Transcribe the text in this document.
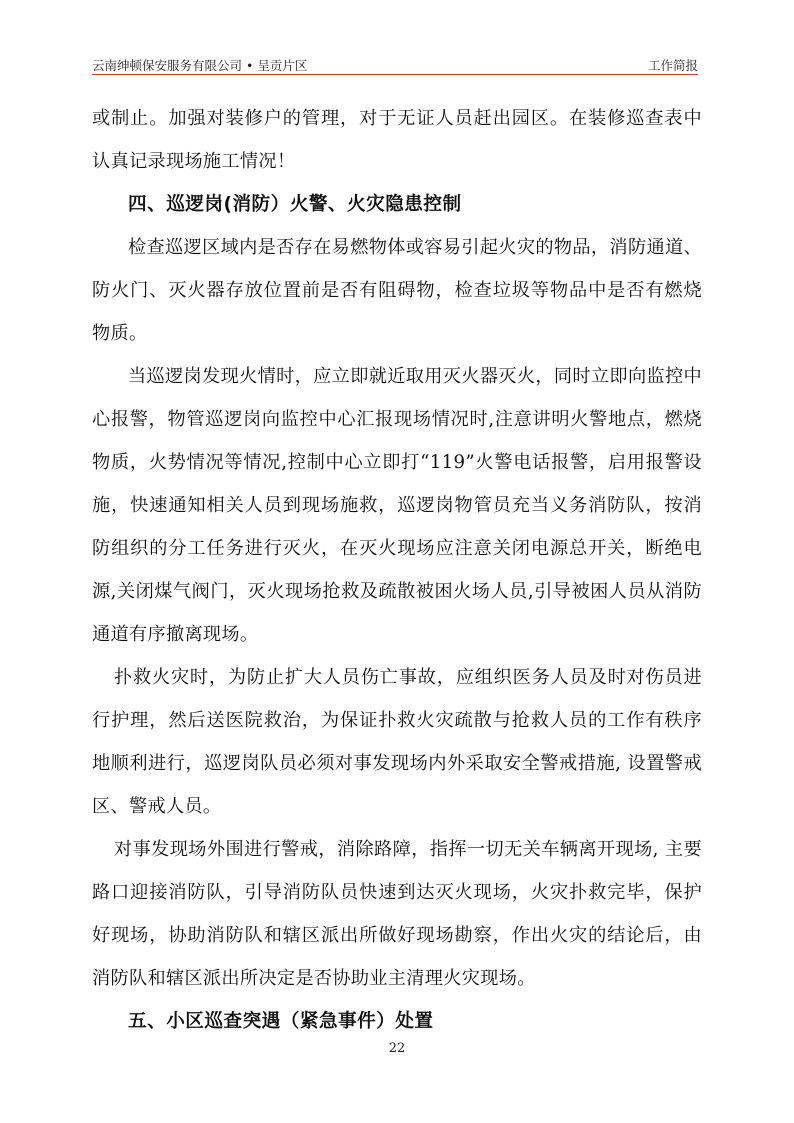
云南绅顿保安服务有限公司 • 呈贡片区	工作简报

或制止。加强对装修户的管理，对于无证人员赶出园区。在装修巡查表中认真记录现场施工情况！

四、巡逻岗(消防）火警、火灾隐患控制

检查巡逻区域内是否存在易燃物体或容易引起火灾的物品，消防通道、防火门、灭火器存放位置前是否有阻碍物，检查垃圾等物品中是否有燃烧物质。

当巡逻岗发现火情时，应立即就近取用灭火器灭火，同时立即向监控中心报警，物管巡逻岗向监控中心汇报现场情况时,注意讲明火警地点，燃烧物质，火势情况等情况,控制中心立即打“119”火警电话报警，启用报警设施，快速通知相关人员到现场施救，巡逻岗物管员充当义务消防队，按消防组织的分工任务进行灭火，在灭火现场应注意关闭电源总开关，断绝电源,关闭煤气阀门，灭火现场抢救及疏散被困火场人员,引导被困人员从消防通道有序撤离现场。

扑救火灾时，为防止扩大人员伤亡事故，应组织医务人员及时对伤员进行护理，然后送医院救治，为保证扑救火灾疏散与抢救人员的工作有秩序地顺利进行，巡逻岗队员必须对事发现场内外采取安全警戒措施, 设置警戒区、警戒人员。

对事发现场外围进行警戒，消除路障，指挥一切无关车辆离开现场, 主要路口迎接消防队，引导消防队员快速到达灭火现场，火灾扑救完毕，保护好现场，协助消防队和辖区派出所做好现场勘察，作出火灾的结论后，由消防队和辖区派出所决定是否协助业主清理火灾现场。

五、小区巡查突遇（紧急事件）处置
22
